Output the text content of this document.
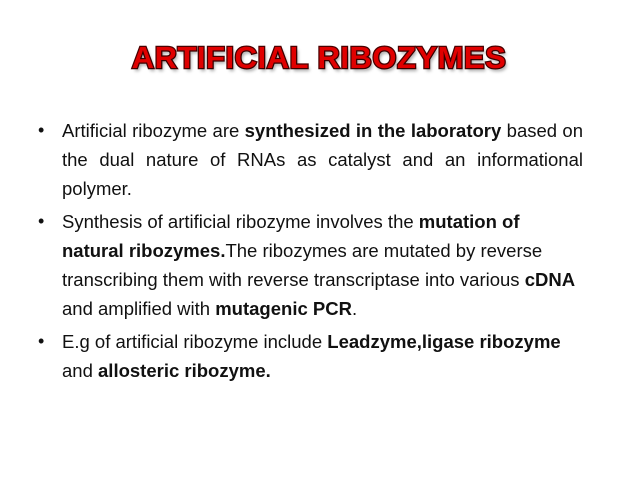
ARTIFICIAL RIBOZYMES
• Artificial ribozyme are synthesized in the laboratory based on the dual nature of RNAs as catalyst and an informational polymer.
• Synthesis of artificial ribozyme involves the mutation of natural ribozymes.The ribozymes are mutated by reverse transcribing them with reverse transcriptase into various cDNA and amplified with mutagenic PCR.
• E.g of artificial ribozyme include Leadzyme,ligase ribozyme and allosteric ribozyme.
